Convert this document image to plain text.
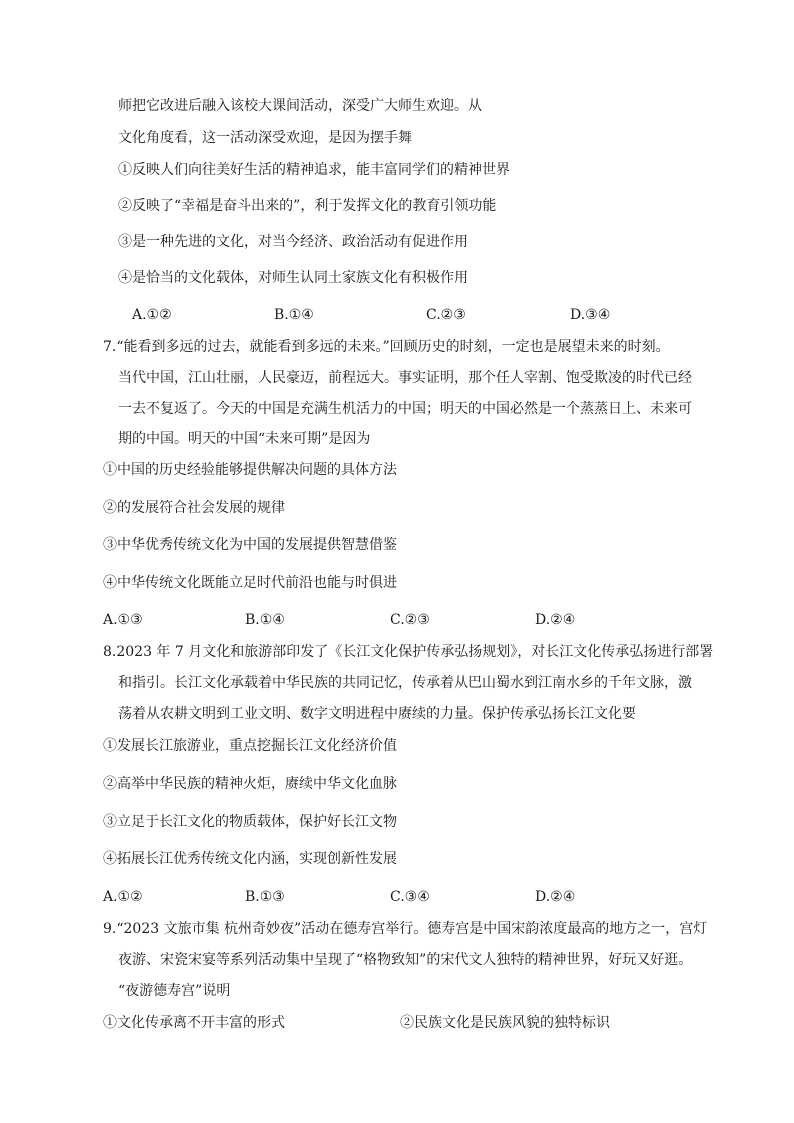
师把它改进后融入该校大课间活动，深受广大师生欢迎。从
文化角度看，这一活动深受欢迎，是因为摆手舞
①反映人们向往美好生活的精神追求，能丰富同学们的精神世界
②反映了“幸福是奋斗出来的”，利于发挥文化的教育引领功能
③是一种先进的文化，对当今经济、政治活动有促进作用
④是恰当的文化载体，对师生认同土家族文化有积极作用
A.①②	B.①④	C.②③	D.③④
7.“能看到多远的过去，就能看到多远的未来。”回顾历史的时刻，一定也是展望未来的时刻。
当代中国，江山壮丽，人民豪迈，前程远大。事实证明，那个任人宰割、饱受欺凌的时代已经
一去不复返了。今天的中国是充满生机活力的中国；明天的中国必然是一个蒸蒸日上、未来可
期的中国。明天的中国“未来可期”是因为
①中国的历史经验能够提供解决问题的具体方法
②的发展符合社会发展的规律
③中华优秀传统文化为中国的发展提供智慧借鉴
④中华传统文化既能立足时代前沿也能与时俱进
A.①③	B.①④	C.②③	D.②④
8.2023 年 7 月文化和旅游部印发了《长江文化保护传承弘扬规划》，对长江文化传承弘扬进行部署
和指引。长江文化承载着中华民族的共同记忆，传承着从巴山蜀水到江南水乡的千年文脉，激
荡着从农耕文明到工业文明、数字文明进程中赓续的力量。保护传承弘扬长江文化要
①发展长江旅游业，重点挖掘长江文化经济价值
②高举中华民族的精神火炬，赓续中华文化血脉
③立足于长江文化的物质载体，保护好长江文物
④拓展长江优秀传统文化内涵，实现创新性发展
A.①②	B.①③	C.③④	D.②④
9.“2023 文旅市集 杭州奇妙夜”活动在德寿宫举行。德寿宫是中国宋韵浓度最高的地方之一，宫灯
夜游、宋瓷宋宴等系列活动集中呈现了“格物致知”的宋代文人独特的精神世界，好玩又好逛。
“夜游德寿宫”说明
①文化传承离不开丰富的形式	②民族文化是民族风貌的独特标识
